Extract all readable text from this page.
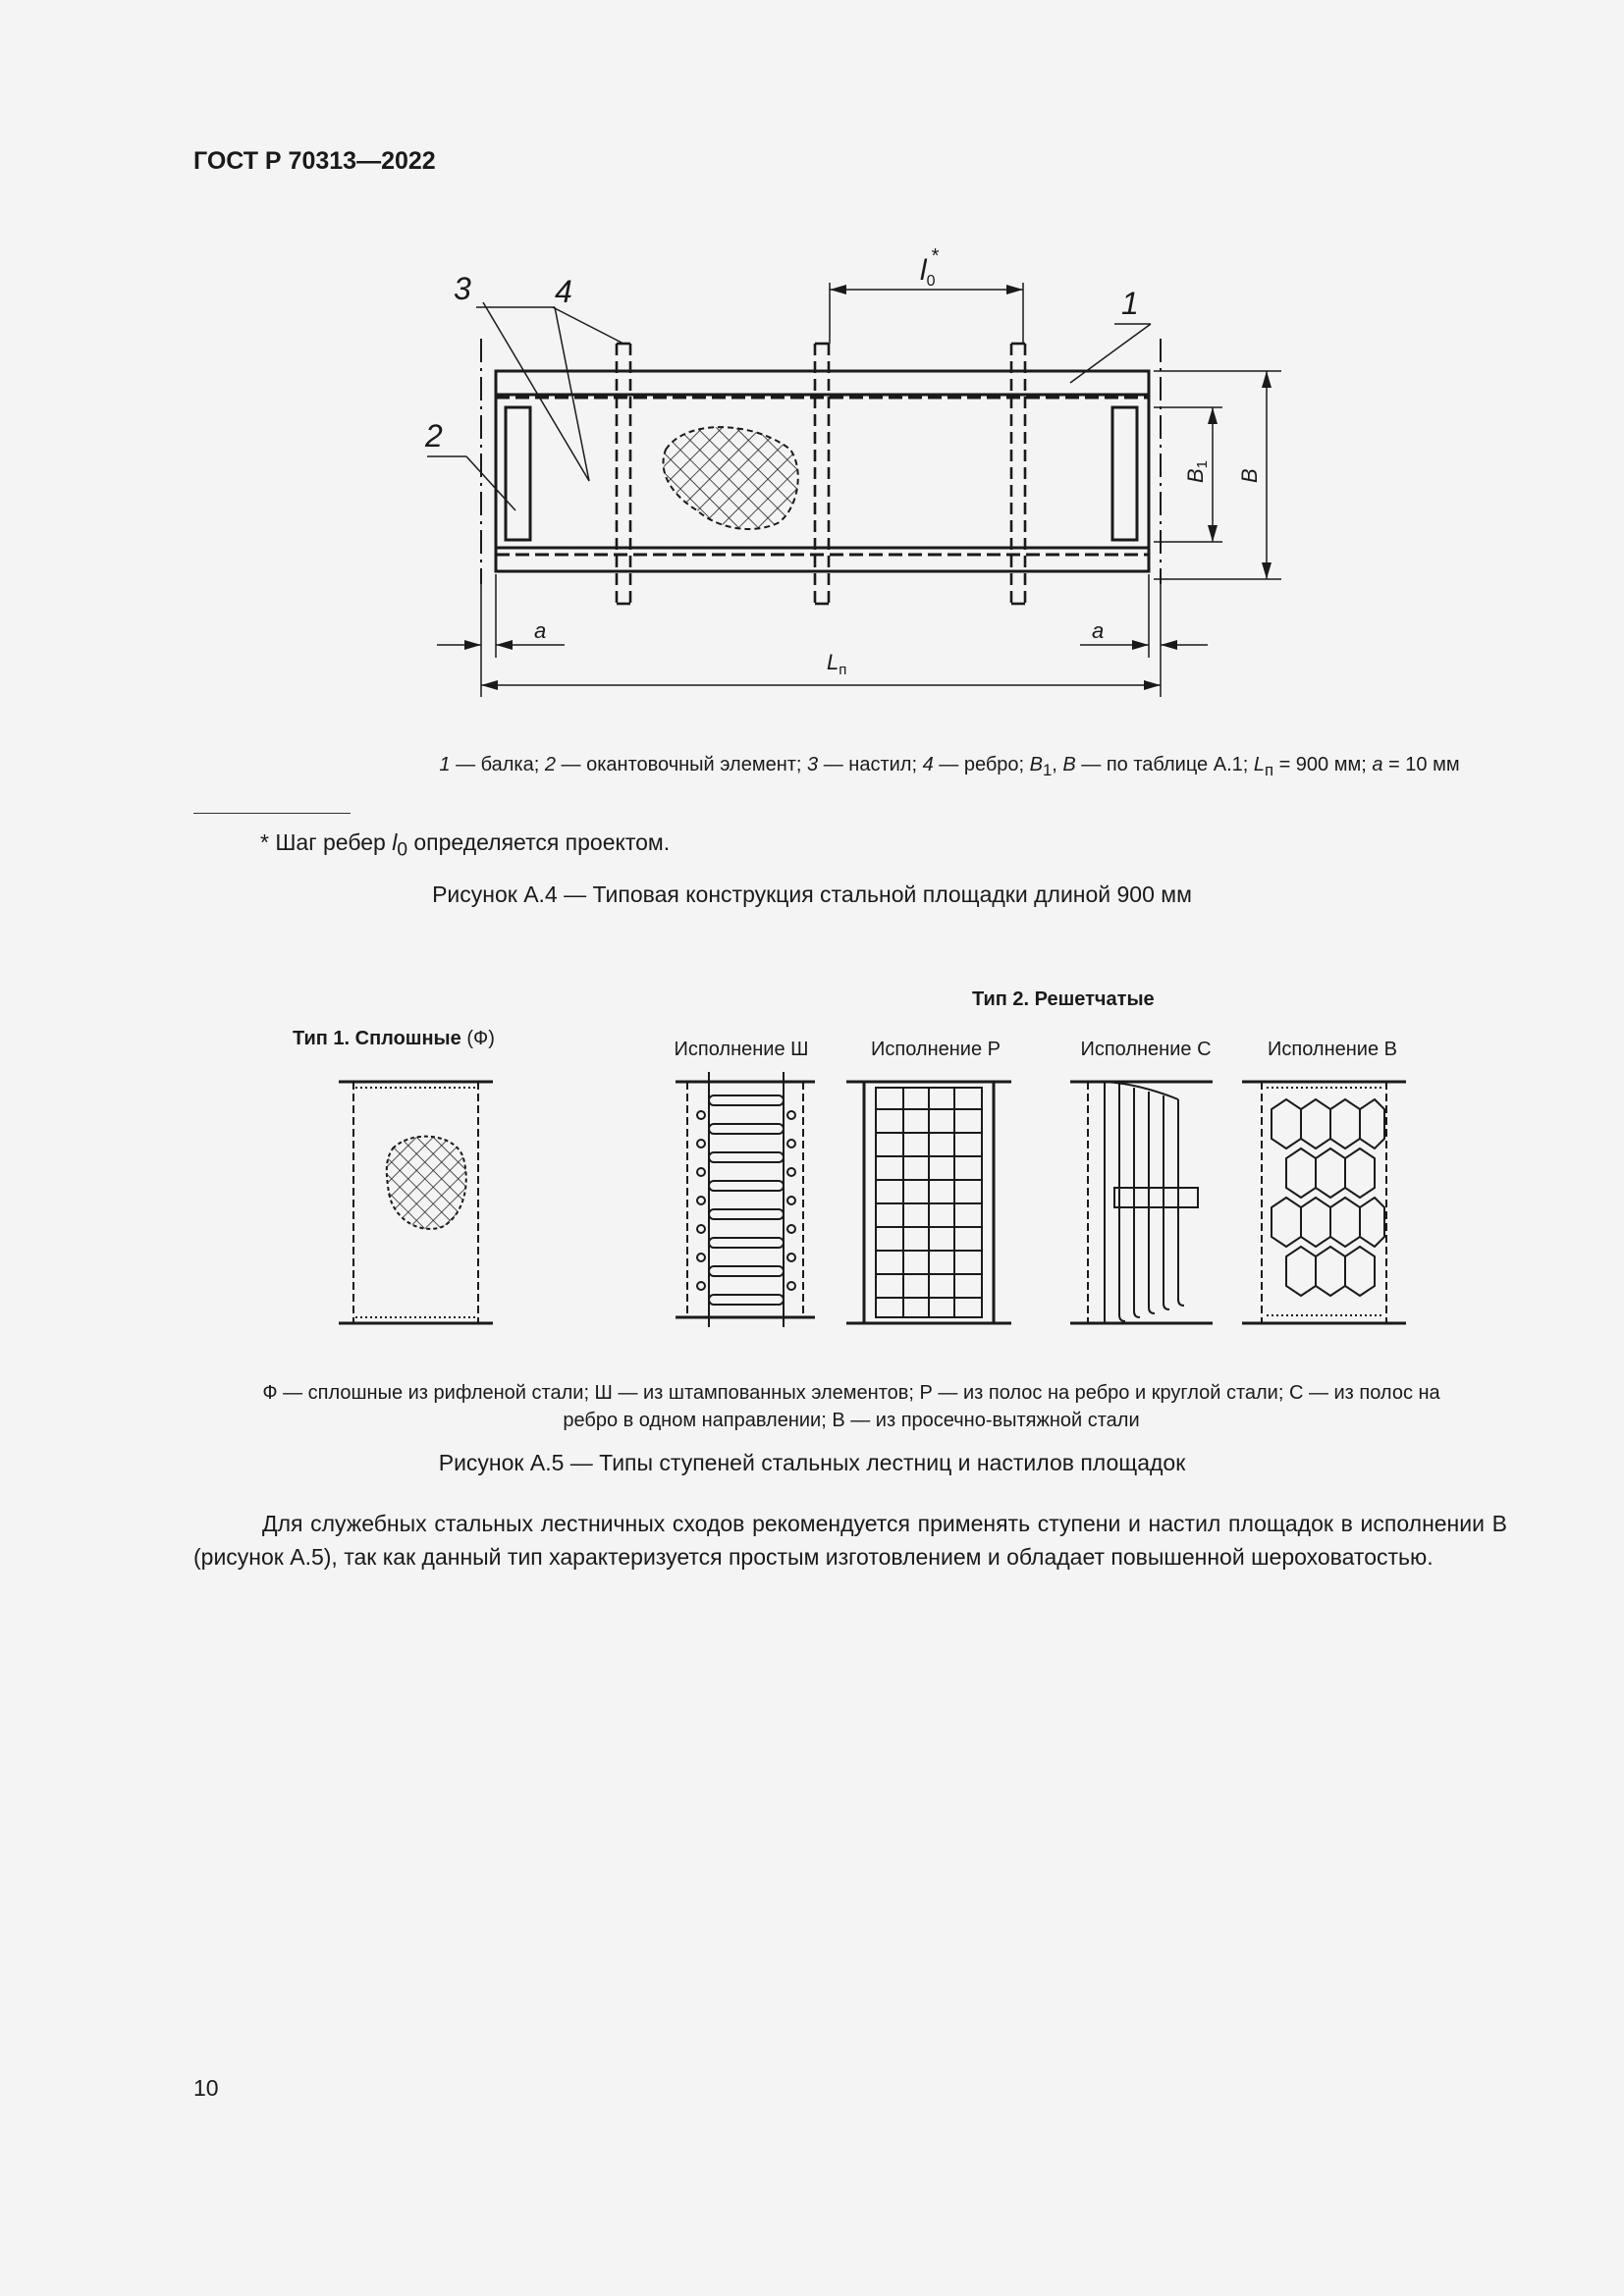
ГОСТ Р 70313—2022
3	4	1
2
$l_0*$
B1
B
a	a
$L_п$
1 — балка; 2 — окантовочный элемент; 3 — настил; 4 — ребро; $B_1$, B — по таблице А.1; $L_п = 900$ мм; a = 10 мм
* Шаг ребер $l_0$ определяется проектом.
Рисунок А.4 — Типовая конструкция стальной площадки длиной 900 мм
Тип 1. Сплошные (Ф)
Тип 2. Решетчатые
Исполнение Ш	Исполнение Р	Исполнение С	Исполнение В
Ф — сплошные из рифленой стали; Ш — из штампованных элементов; Р — из полос на ребро и круглой стали; С — из полос на
ребро в одном направлении; В — из просечно-вытяжной стали
Рисунок А.5 — Типы ступеней стальных лестниц и настилов площадок
Для служебных стальных лестничных сходов рекомендуется применять ступени и настил площадок в исполнении В (рисунок А.5), так как данный тип характеризуется простым изготовлением и обладает повышенной шероховатостью.
10
